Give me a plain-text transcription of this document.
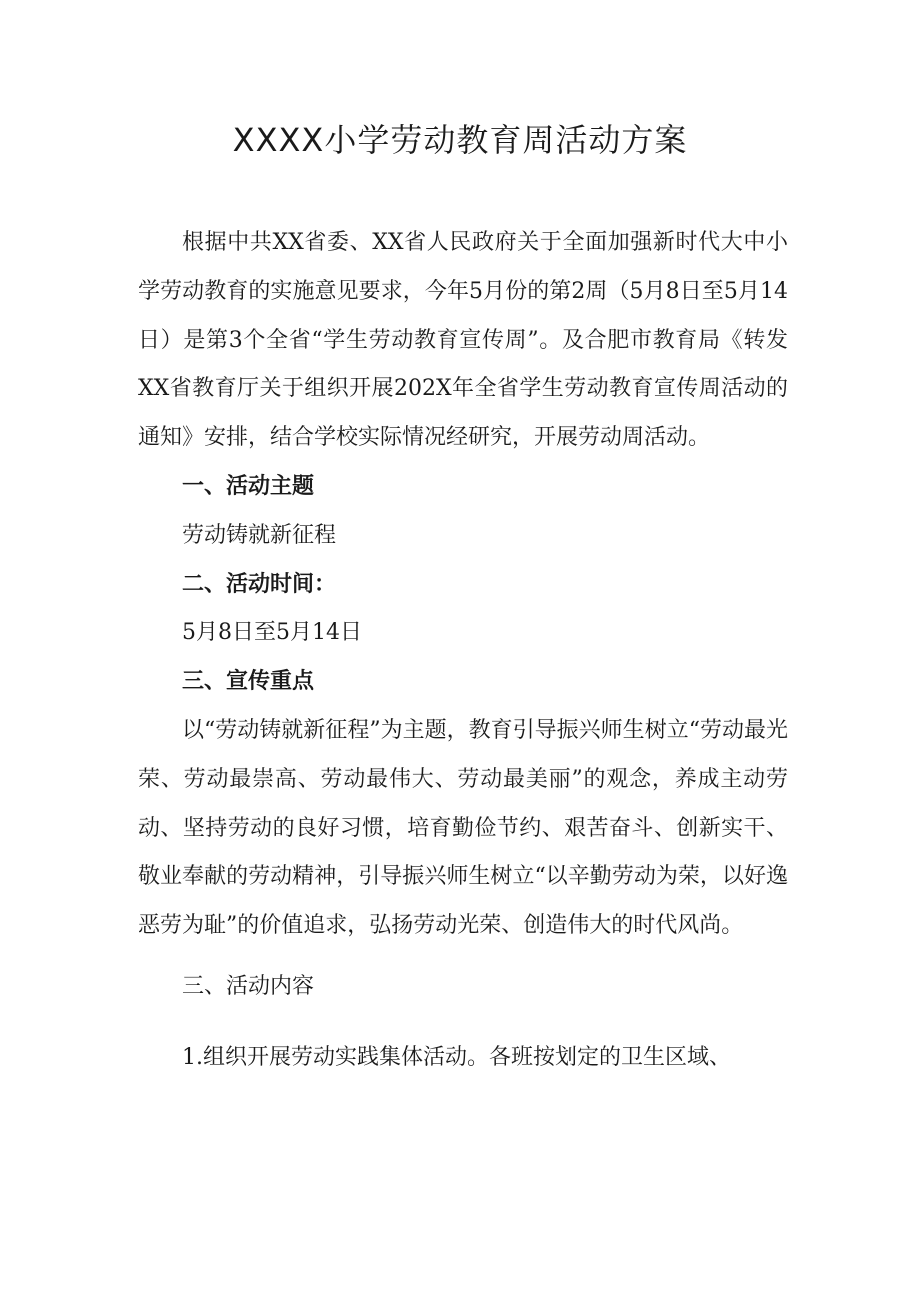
XXXX小学劳动教育周活动方案

根据中共XX省委、XX省人民政府关于全面加强新时代大中小学劳动教育的实施意见要求，今年5月份的第2周（5月8日至5月14日）是第3个全省“学生劳动教育宣传周”。及合肥市教育局《转发XX省教育厅关于组织开展202X年全省学生劳动教育宣传周活动的通知》安排，结合学校实际情况经研究，开展劳动周活动。

一、活动主题

劳动铸就新征程

二、活动时间：

5月8日至5月14日

三、宣传重点

以“劳动铸就新征程”为主题，教育引导振兴师生树立“劳动最光荣、劳动最崇高、劳动最伟大、劳动最美丽”的观念，养成主动劳动、坚持劳动的良好习惯，培育勤俭节约、艰苦奋斗、创新实干、敬业奉献的劳动精神，引导振兴师生树立“以辛勤劳动为荣，以好逸恶劳为耻”的价值追求，弘扬劳动光荣、创造伟大的时代风尚。

三、活动内容

1.组织开展劳动实践集体活动。各班按划定的卫生区域、
